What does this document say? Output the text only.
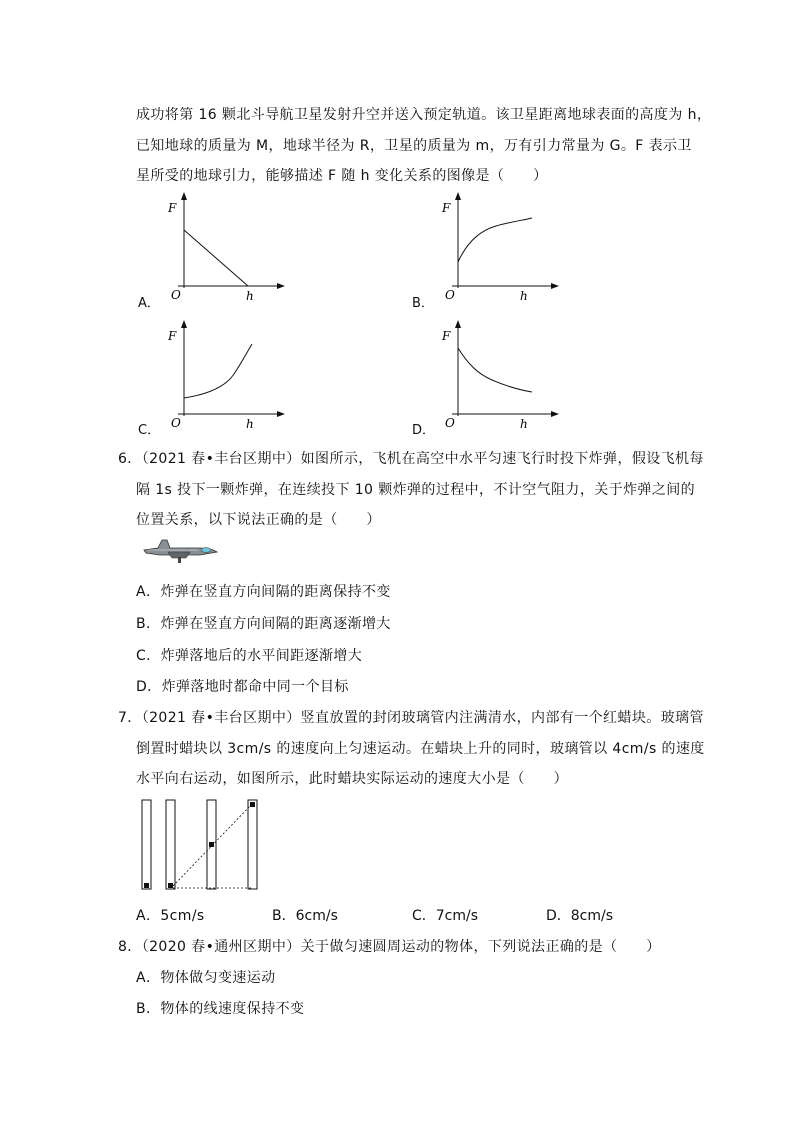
成功将第 16 颗北斗导航卫星发射升空并送入预定轨道。该卫星距离地球表面的高度为 h，
已知地球的质量为 M，地球半径为 R，卫星的质量为 m，万有引力常量为 G。F 表示卫
星所受的地球引力，能够描述 F 随 h 变化关系的图像是（　　）
A．
F
O	h	B．
F
O	h
C．
F
O	h	D．
F
O	h
6．（2021 春•丰台区期中）如图所示，飞机在高空中水平匀速飞行时投下炸弹，假设飞机每
隔 1s 投下一颗炸弹，在连续投下 10 颗炸弹的过程中，不计空气阻力，关于炸弹之间的
位置关系，以下说法正确的是（　　）
A．炸弹在竖直方向间隔的距离保持不变
B．炸弹在竖直方向间隔的距离逐渐增大
C．炸弹落地后的水平间距逐渐增大
D．炸弹落地时都命中同一个目标
7．（2021 春•丰台区期中）竖直放置的封闭玻璃管内注满清水，内部有一个红蜡块。玻璃管
倒置时蜡块以 3cm/s 的速度向上匀速运动。在蜡块上升的同时，玻璃管以 4cm/s 的速度
水平向右运动，如图所示，此时蜡块实际运动的速度大小是（　　）
A．5cm/s	B．6cm/s	C．7cm/s	D．8cm/s
8．（2020 春•通州区期中）关于做匀速圆周运动的物体，下列说法正确的是（　　）
A．物体做匀变速运动
B．物体的线速度保持不变
